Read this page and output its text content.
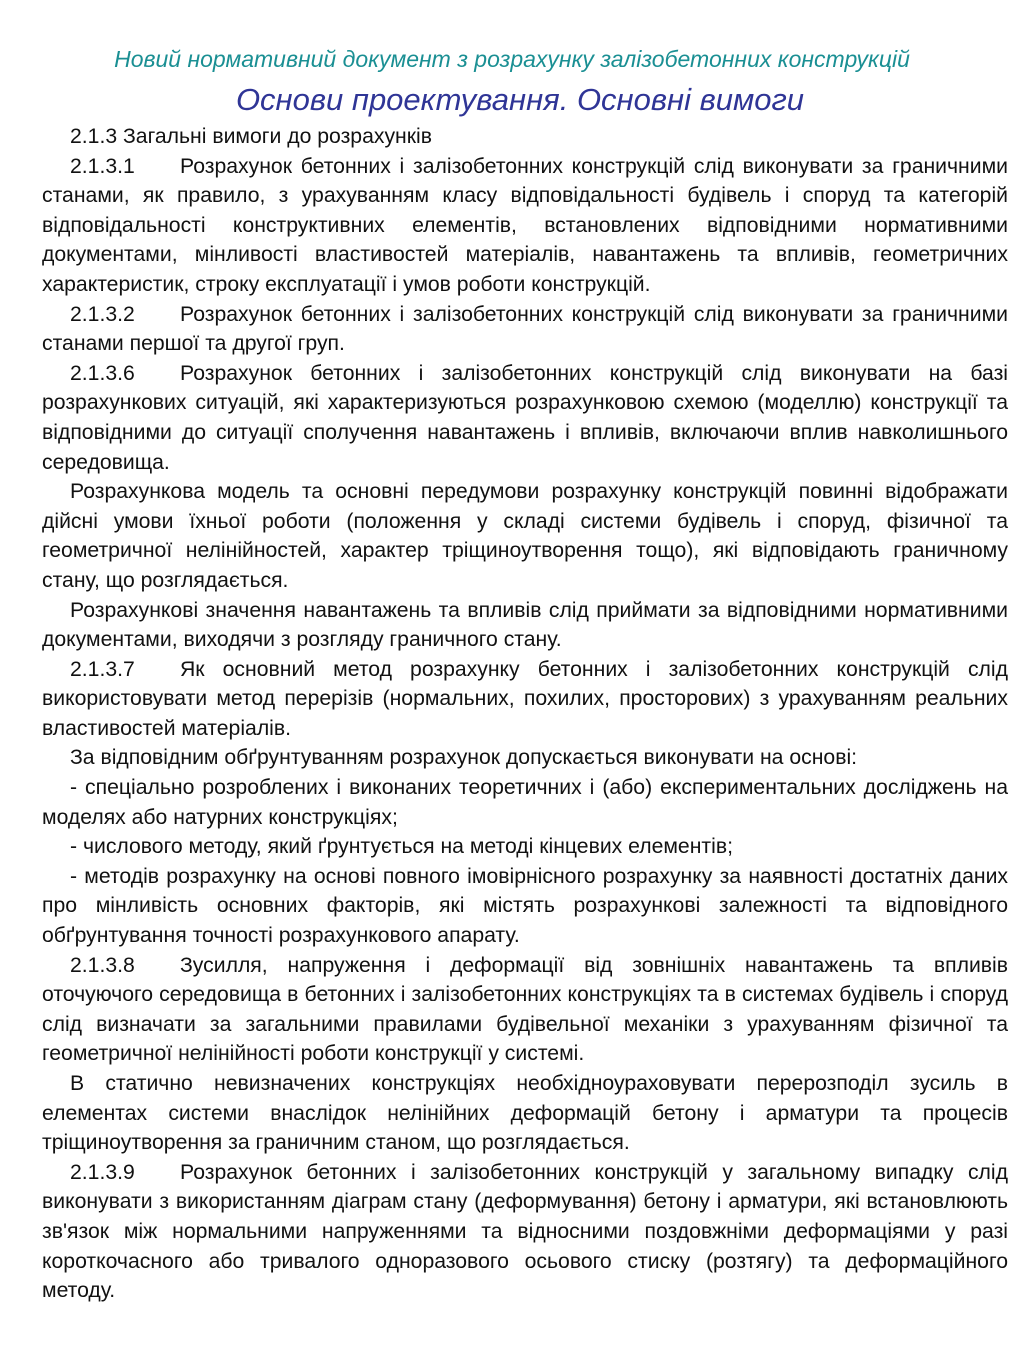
Новий нормативний документ з розрахунку залізобетонних конструкцій
Основи проектування. Основні вимоги

2.1.3 Загальні вимоги до розрахунків

2.1.3.1 Розрахунок бетонних і залізобетонних конструкцій слід виконувати за граничними станами, як правило, з урахуванням класу відповідальності будівель і споруд та категорій відповідальності конструктивних елементів, встановлених відповідними нормативними документами, мінливості властивостей матеріалів, навантажень та впливів, геометричних характеристик, строку експлуатації і умов роботи конструкцій.

2.1.3.2 Розрахунок бетонних і залізобетонних конструкцій слід виконувати за граничними станами першої та другої груп.

2.1.3.6 Розрахунок бетонних і залізобетонних конструкцій слід виконувати на базі розрахункових ситуацій, які характеризуються розрахунковою схемою (моделлю) конструкції та відповідними до ситуації сполучення навантажень і впливів, включаючи вплив навколишнього середовища.

Розрахункова модель та основні передумови розрахунку конструкцій повинні відображати дійсні умови їхньої роботи (положення у складі системи будівель і споруд, фізичної та геометричної нелінійностей, характер тріщиноутворення тощо), які відповідають граничному стану, що розглядається.

Розрахункові значення навантажень та впливів слід приймати за відповідними нормативними документами, виходячи з розгляду граничного стану.

2.1.3.7 Як основний метод розрахунку бетонних і залізобетонних конструкцій слід використовувати метод перерізів (нормальних, похилих, просторових) з урахуванням реальних властивостей матеріалів.

За відповідним обґрунтуванням розрахунок допускається виконувати на основі:

- спеціально розроблених і виконаних теоретичних і (або) експериментальних досліджень на моделях або натурних конструкціях;

- числового методу, який ґрунтується на методі кінцевих елементів;

- методів розрахунку на основі повного імовірнісного розрахунку за наявності достатніх даних про мінливість основних факторів, які містять розрахункові залежності та відповідного обґрунтування точності розрахункового апарату.

2.1.3.8 Зусилля, напруження і деформації від зовнішніх навантажень та впливів оточуючого середовища в бетонних і залізобетонних конструкціях та в системах будівель і споруд слід визначати за загальними правилами будівельної механіки з урахуванням фізичної та геометричної нелінійності роботи конструкції у системі.

В статично невизначених конструкціях необхідноураховувати перерозподіл зусиль в елементах системи внаслідок нелінійних деформацій бетону і арматури та процесів тріщиноутворення за граничним станом, що розглядається.

2.1.3.9 Розрахунок бетонних і залізобетонних конструкцій у загальному випадку слід виконувати з використанням діаграм стану (деформування) бетону і арматури, які встановлюють зв'язок між нормальними напруженнями та відносними поздовжніми деформаціями у разі короткочасного або тривалого одноразового осьового стиску (розтягу) та деформаційного методу.
